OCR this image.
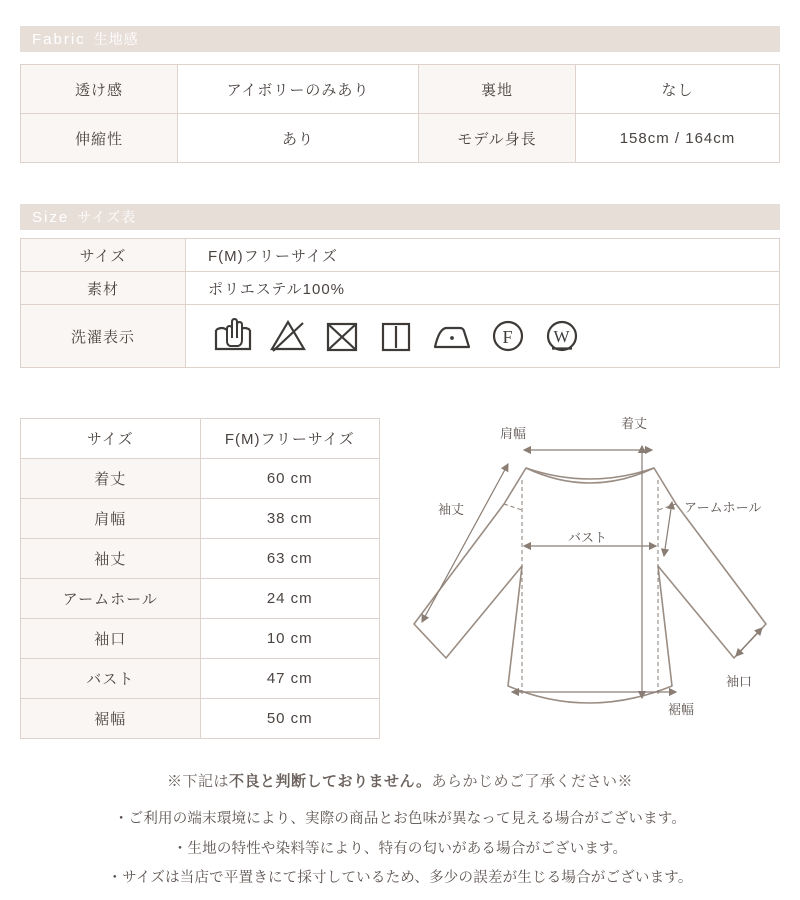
Fabric 生地感
透け感	アイボリーのみあり	裏地	なし
伸縮性	あり	モデル身長	158cm / 164cm
Size サイズ表
サイズ	F(M)フリーサイズ
素材	ポリエステル100%
洗濯表示	F W
サイズ	F(M)フリーサイズ
着丈	60 cm
肩幅	38 cm
袖丈	63 cm
アームホール	24 cm
袖口	10 cm
バスト	47 cm
裾幅	50 cm
肩幅
着丈
袖丈	アームホール
バスト
袖口
裾幅
※下記は不良と判断しておりません。あらかじめご了承ください※
・ご利用の端末環境により、実際の商品とお色味が異なって見える場合がございます。
・生地の特性や染料等により、特有の匂いがある場合がございます。
・サイズは当店で平置きにて採寸しているため、多少の誤差が生じる場合がございます。
